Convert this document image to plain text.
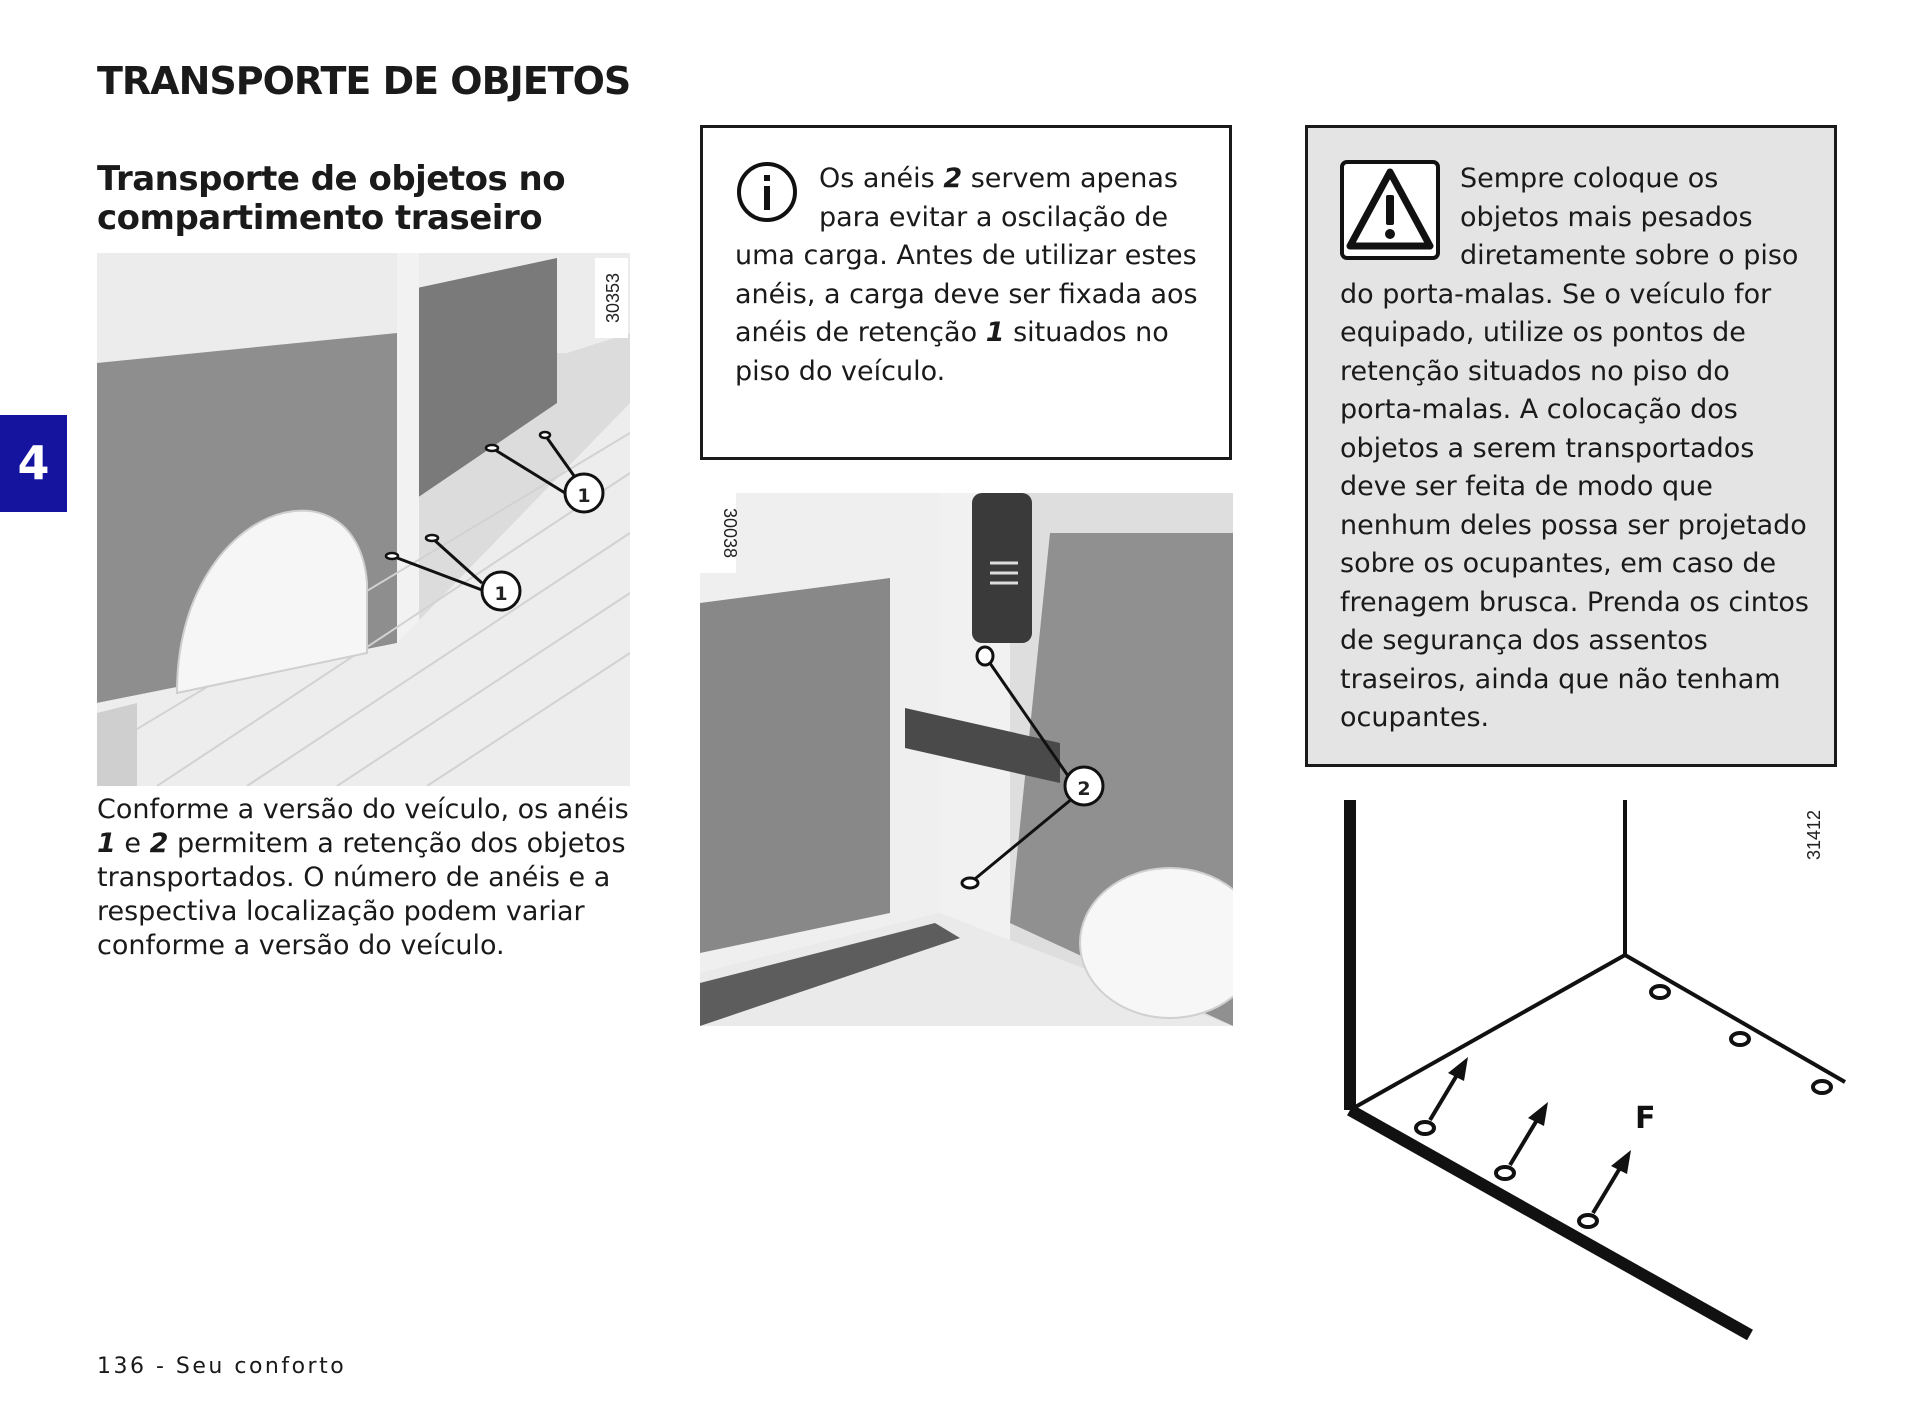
TRANSPORTE DE OBJETOS
4
Transporte de objetos no compartimento traseiro
1
1
30353

Conforme a versão do veículo, os anéis 1 e 2 permitem a retenção dos objetos transportados. O número de anéis e a respectiva localização podem variar conforme a versão do veículo.

Os anéis 2 servem apenas para evitar a oscilação de uma carga. Antes de utilizar estes anéis, a carga deve ser fixada aos anéis de retenção 1 situados no piso do veículo.

2
30038

Sempre coloque os objetos mais pesados diretamente sobre o piso do porta-malas. Se o veículo for equipado, utilize os pontos de retenção situados no piso do porta-malas. A colocação dos objetos a serem transportados deve ser feita de modo que nenhum deles possa ser projetado sobre os ocupantes, em caso de frenagem brusca. Prenda os cintos de segurança dos assentos traseiros, ainda que não tenham ocupantes.

F
31412
136 - Seu conforto
